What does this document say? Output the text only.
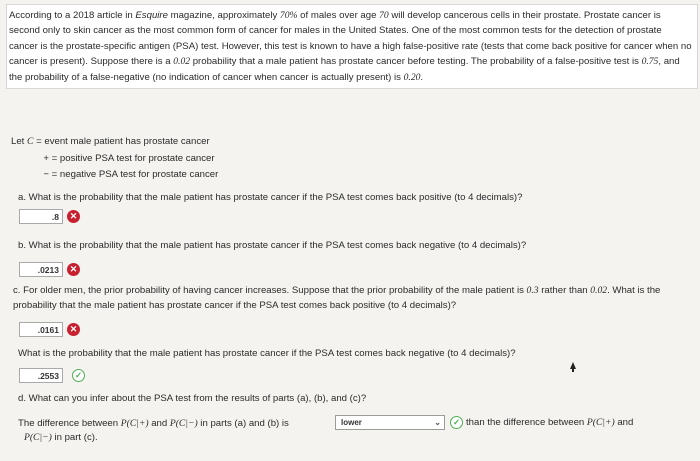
According to a 2018 article in Esquire magazine, approximately 70% of males over age 70 will develop cancerous cells in their prostate. Prostate cancer is second only to skin cancer as the most common form of cancer for males in the United States. One of the most common tests for the detection of prostate cancer is the prostate-specific antigen (PSA) test. However, this test is known to have a high false-positive rate (tests that come back positive for cancer when no cancer is present). Suppose there is a 0.02 probability that a male patient has prostate cancer before testing. The probability of a false-positive test is 0.75, and the probability of a false-negative (no indication of cancer when cancer is actually present) is 0.20.
Let C = event male patient has prostate cancer
+ = positive PSA test for prostate cancer
− = negative PSA test for prostate cancer
a. What is the probability that the male patient has prostate cancer if the PSA test comes back positive (to 4 decimals)?
.8	✕
b. What is the probability that the male patient has prostate cancer if the PSA test comes back negative (to 4 decimals)?
.0213	✕
c. For older men, the prior probability of having cancer increases. Suppose that the prior probability of the male patient is 0.3 rather than 0.02. What is the probability that the male patient has prostate cancer if the PSA test comes back positive (to 4 decimals)?
.0161	✕
What is the probability that the male patient has prostate cancer if the PSA test comes back negative (to 4 decimals)?
.2553	✓
d. What can you infer about the PSA test from the results of parts (a), (b), and (c)?
The difference between P(C|+) and P(C|−) in parts (a) and (b) is	lower	⌄	✓ than the difference between P(C|+) and
P(C|−) in part (c).
